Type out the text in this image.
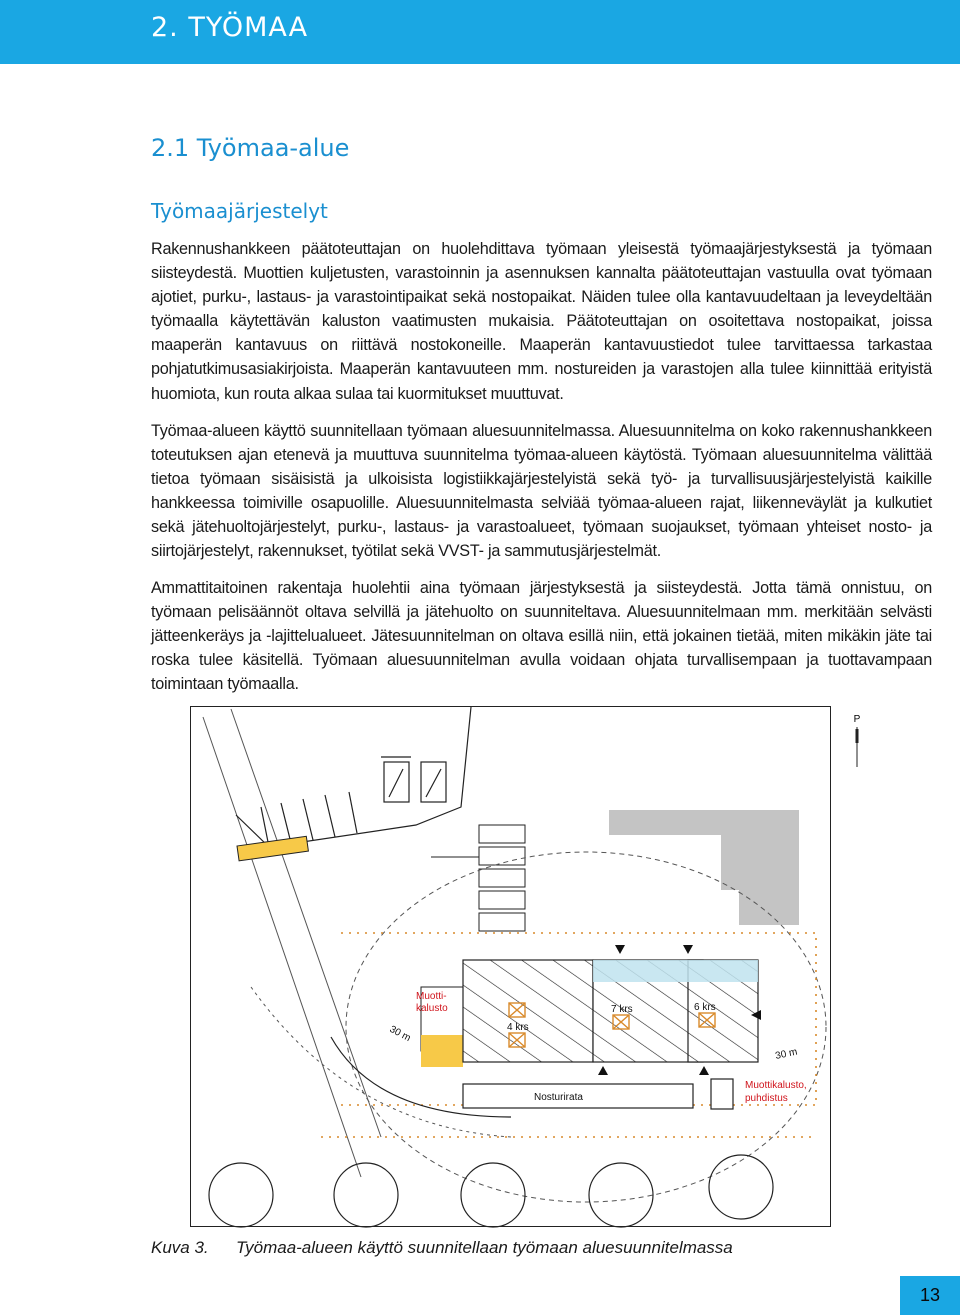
2. TYÖMAA
2.1 Työmaa-alue
Työmaajärjestelyt

Rakennushankkeen päätoteuttajan on huolehdittava työmaan yleisestä työmaajärjestyksestä ja työmaan siisteydestä. Muottien kuljetusten, varastoinnin ja asennuksen kannalta päätoteuttajan vastuulla ovat työmaan ajotiet, purku-, lastaus- ja varastointipaikat sekä nostopaikat. Näiden tulee olla kantavuudeltaan ja leveydeltään työmaalla käytettävän kaluston vaatimusten mukaisia. Päätoteuttajan on osoitettava nostopaikat, joissa maaperän kantavuus on riittävä nostokoneille. Maaperän kantavuustiedot tulee tarvittaessa tarkastaa pohjatutkimusasiakirjoista. Maaperän kantavuuteen mm. nostureiden ja varastojen alla tulee kiinnittää erityistä huomiota, kun routa alkaa sulaa tai kuormitukset muuttuvat.

Työmaa-alueen käyttö suunnitellaan työmaan aluesuunnitelmassa. Aluesuunnitelma on koko rakennushankkeen toteutuksen ajan etenevä ja muuttuva suunnitelma työmaa-alueen käytöstä. Työmaan aluesuunnitelma välittää tietoa työmaan sisäisistä ja ulkoisista logistiikkajärjestelyistä sekä työ- ja turvallisuusjärjestelyistä kaikille hankkeessa toimiville osapuolille. Aluesuunnitelmasta selviää työmaa-alueen rajat, liikenneväylät ja kulkutiet sekä jätehuoltojärjestelyt, purku-, lastaus- ja varastoalueet, työmaan suojaukset, työmaan yhteiset nosto- ja siirtojärjestelyt, rakennukset, työtilat sekä VVST- ja sammutusjärjestelmät.

Ammattitaitoinen rakentaja huolehtii aina työmaan järjestyksestä ja siisteydestä. Jotta tämä onnistuu, on työmaan pelisäännöt oltava selvillä ja jätehuolto on suunniteltava. Aluesuunnitelmaan mm. merkitään selvästi jätteenkeräys ja -lajittelualueet. Jätesuunnitelman on oltava esillä niin, että jokainen tietää, miten mikäkin jäte tai roska tulee käsitellä. Työmaan aluesuunnitelman avulla voidaan ohjata turvallisempaan ja tuottavampaan toimintaan työmaalla.

P
Muotti-
kalusto
4 krs
7 krs	6 krs
30 m
30 m
Nosturirata
Muottikalusto,
puhdistus

Kuva 3. Työmaa-alueen käyttö suunnitellaan työmaan aluesuunnitelmassa

13
